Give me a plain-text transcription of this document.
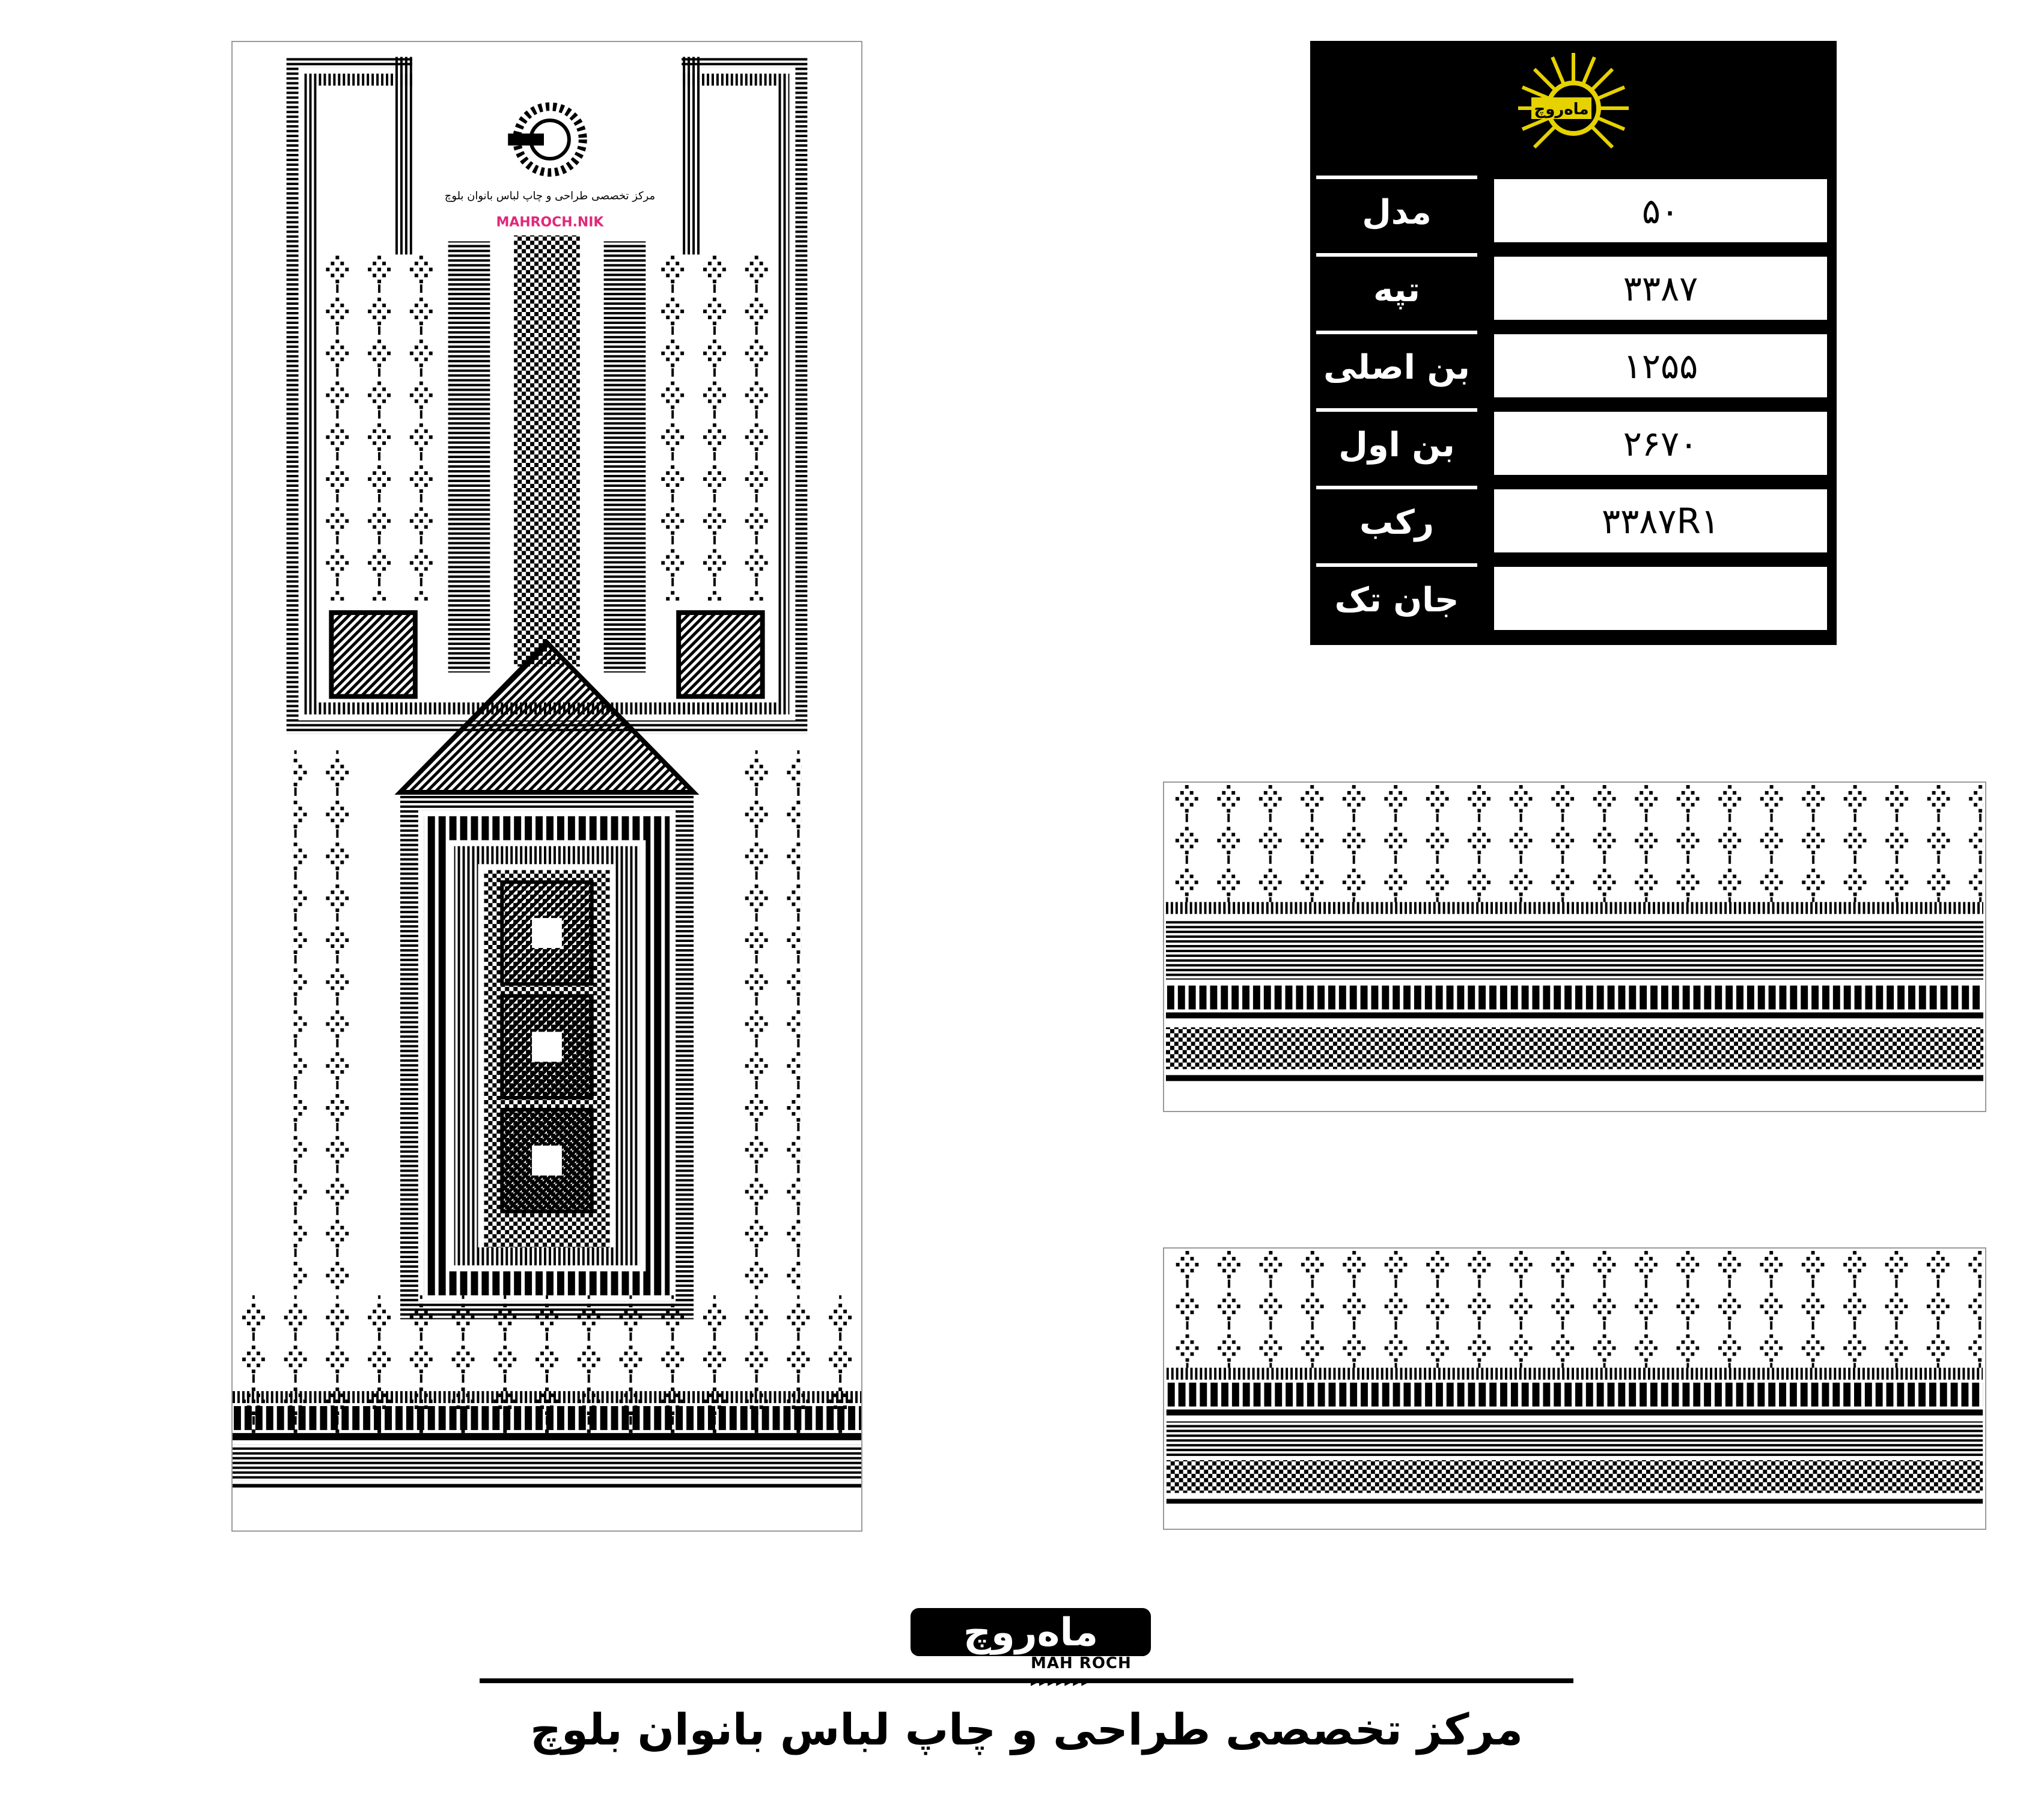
مرکز تخصصی طراحی و چاپ لباس بانوان بلوچ
MAHROCH.NIK
ماه‌روچ
مدل	۵۰
تپه	۳۳۸۷
بن اصلی	۱۲۵۵
بن اول	۲۶۷۰
رکب	۳۳۸۷R۱
جان تک
ماه‌روچ
MAH ROCH
مرکز تخصصی طراحی و چاپ لباس بانوان بلوچ
